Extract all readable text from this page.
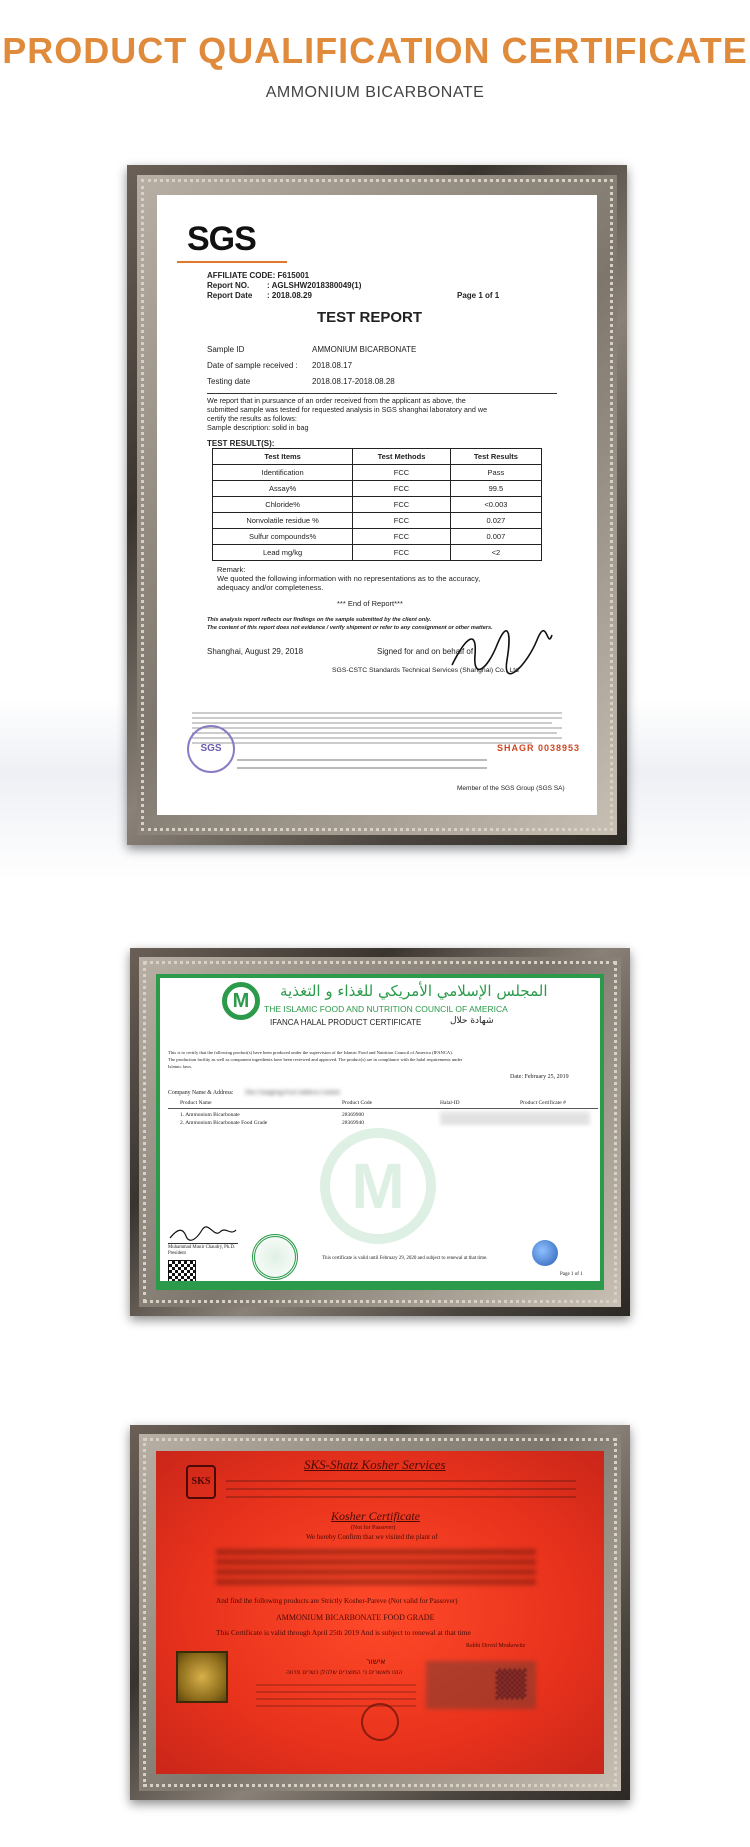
PRODUCT QUALIFICATION CERTIFICATE
AMMONIUM BICARBONATE
SGS
AFFILIATE CODE: F615001
Report NO. : AGLSHW2018380049(1)
Report Date : 2018.08.29	Page 1 of 1
TEST REPORT
Sample ID	AMMONIUM BICARBONATE
Date of sample received : 2018.08.17
Testing date	2018.08.17-2018.08.28
We report that in pursuance of an order received from the applicant as above, the
submitted sample was tested for requested analysis in SGS shanghai laboratory and we
certify the results as follows:
Sample description: solid in bag
TEST RESULT(S):
Test Items	Test Methods	Test Results
Identification	FCC	Pass
Assay%	FCC	99.5
Chloride%	FCC	<0.003
Nonvolatile residue %	FCC	0.027
Sulfur compounds%	FCC	0.007
Lead mg/kg	FCC	<2
Remark:
We quoted the following information with no representations as to the accuracy,
adequacy and/or completeness.
*** End of Report***
This analysis report reflects our findings on the sample submitted by the client only.
The content of this report does not evidence / verify shipment or refer to any consignment or other matters.
Shanghai, August 29, 2018	Signed for and on behalf of
SGS-CSTC Standards Technical Services (Shanghai) Co., Ltd
SGS	SHAGR 0038953
Member of the SGS Group (SGS SA)
M	المجلس الإسلامي الأمريكي للغذاء و التغذية
THE ISLAMIC FOOD AND NUTRITION COUNCIL OF AMERICA
IFANCA HALAL PRODUCT CERTIFICATE	شهادة حلال
This is to certify that the following product(s) have been produced under the supervision of the Islamic Food and Nutrition Council of America (IFANCA).
The production facility as well as component ingredients have been reviewed and approved. The product(s) are in compliance with the halal requirements under
Islamic laws.
Date: February 25, 2019
Company Name & Address: Zibo Changlong Food Additives Limited
Product Name	Product Code	Halal-ID	Product Certificate #
1. Ammonium Bicarbonate	28369900
2. Ammonium Bicarbonate Food Grade	28369940
M
Muhammad Munir Chaudry, Ph.D.
President
This certificate is valid until February 29, 2020 and subject to renewal at that time.
Page 1 of 1
SKS
SKS-Shatz Kosher Services
Kosher Certificate
(Not for Passover)
We hereby Confirm that we visited the plant of
And find the following products are Strictly Kosher-Pareve (Not valid for Passover)
AMMONIUM BICARBONATE FOOD GRADE
This Certificate is valid through April 25th 2019 And is subject to renewal at that time
Rabbi Dovid Moskowitz
אישור
הננו מאשרים כי המוצרים שלהלן כשרים פרווה
